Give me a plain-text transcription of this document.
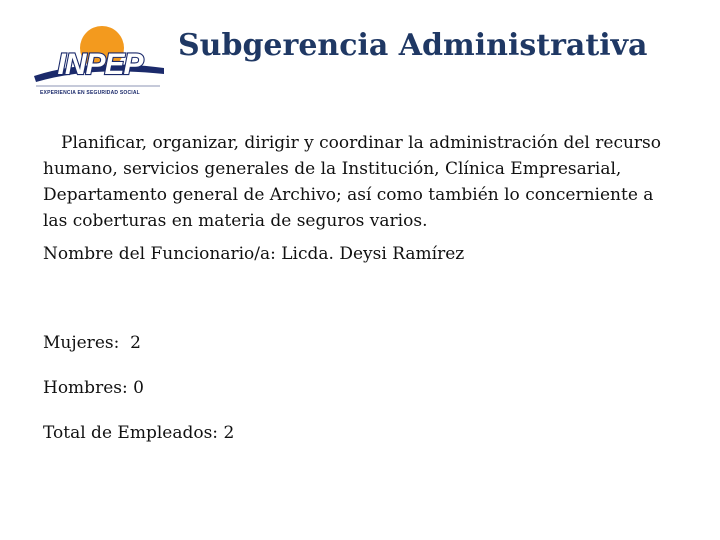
INPEP
EXPERIENCIA EN SEGURIDAD SOCIAL
Subgerencia Administrativa

Planificar, organizar, dirigir y coordinar la administración del recurso humano, servicios generales de la Institución, Clínica Empresarial, Departamento general de Archivo; así como también lo concerniente a las coberturas en materia de seguros varios.

Nombre del Funcionario/a: Licda. Deysi Ramírez

Mujeres: 2

Hombres: 0

Total de Empleados: 2
